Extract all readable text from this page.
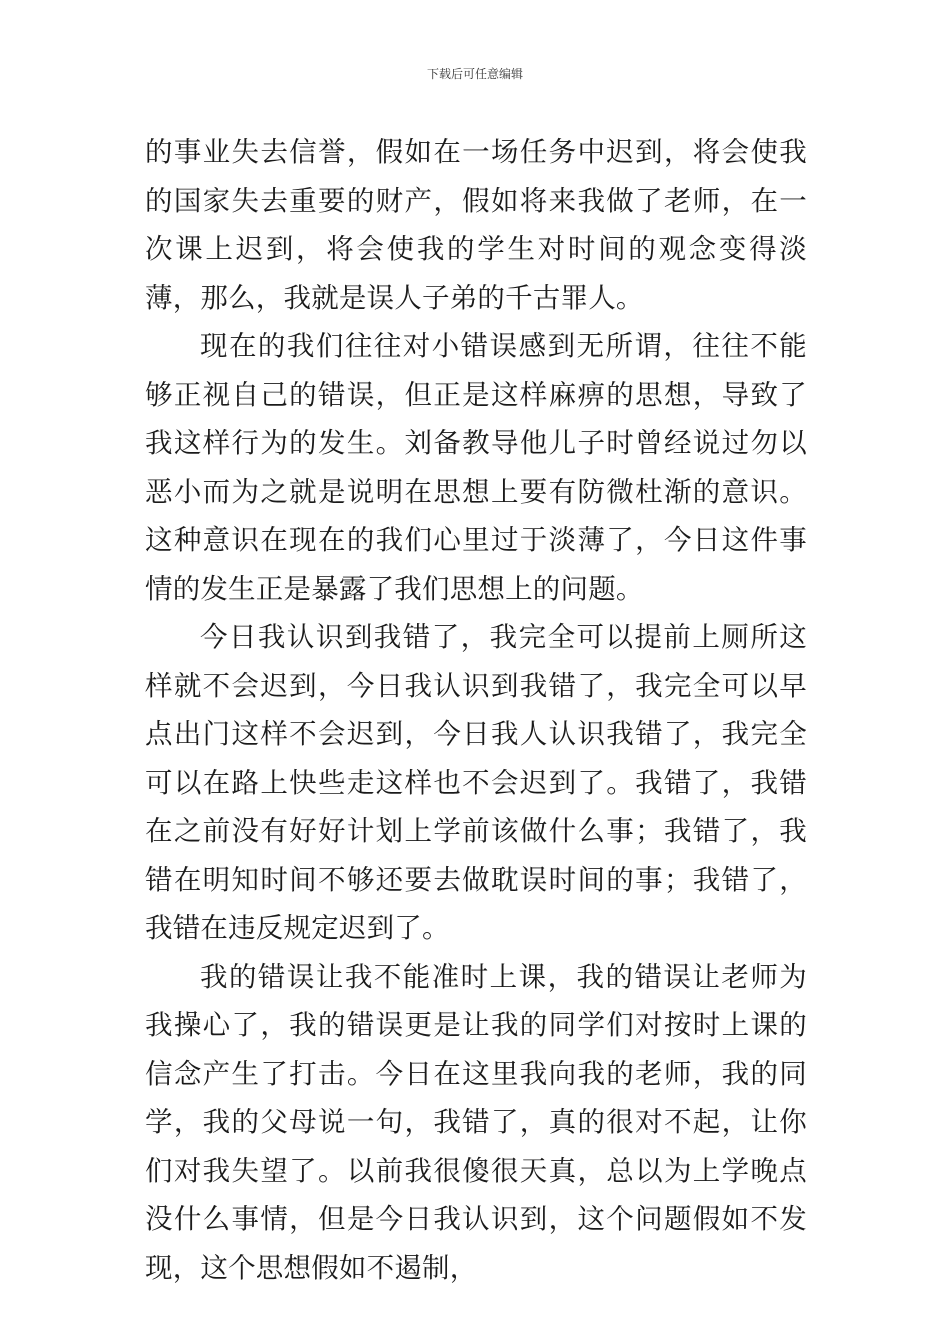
下载后可任意编辑

的事业失去信誉，假如在一场任务中迟到，将会使我的国家失去重要的财产，假如将来我做了老师，在一次课上迟到，将会使我的学生对时间的观念变得淡薄，那么，我就是误人子弟的千古罪人。

现在的我们往往对小错误感到无所谓，往往不能够正视自己的错误，但正是这样麻痹的思想，导致了我这样行为的发生。刘备教导他儿子时曾经说过勿以恶小而为之就是说明在思想上要有防微杜渐的意识。这种意识在现在的我们心里过于淡薄了，今日这件事情的发生正是暴露了我们思想上的问题。

今日我认识到我错了，我完全可以提前上厕所这样就不会迟到，今日我认识到我错了，我完全可以早点出门这样不会迟到，今日我人认识我错了，我完全可以在路上快些走这样也不会迟到了。我错了，我错在之前没有好好计划上学前该做什么事；我错了，我错在明知时间不够还要去做耽误时间的事；我错了，我错在违反规定迟到了。

我的错误让我不能准时上课，我的错误让老师为我操心了，我的错误更是让我的同学们对按时上课的信念产生了打击。今日在这里我向我的老师，我的同学，我的父母说一句，我错了，真的很对不起，让你们对我失望了。以前我很傻很天真，总以为上学晚点没什么事情，但是今日我认识到，这个问题假如不发现，这个思想假如不遏制，
